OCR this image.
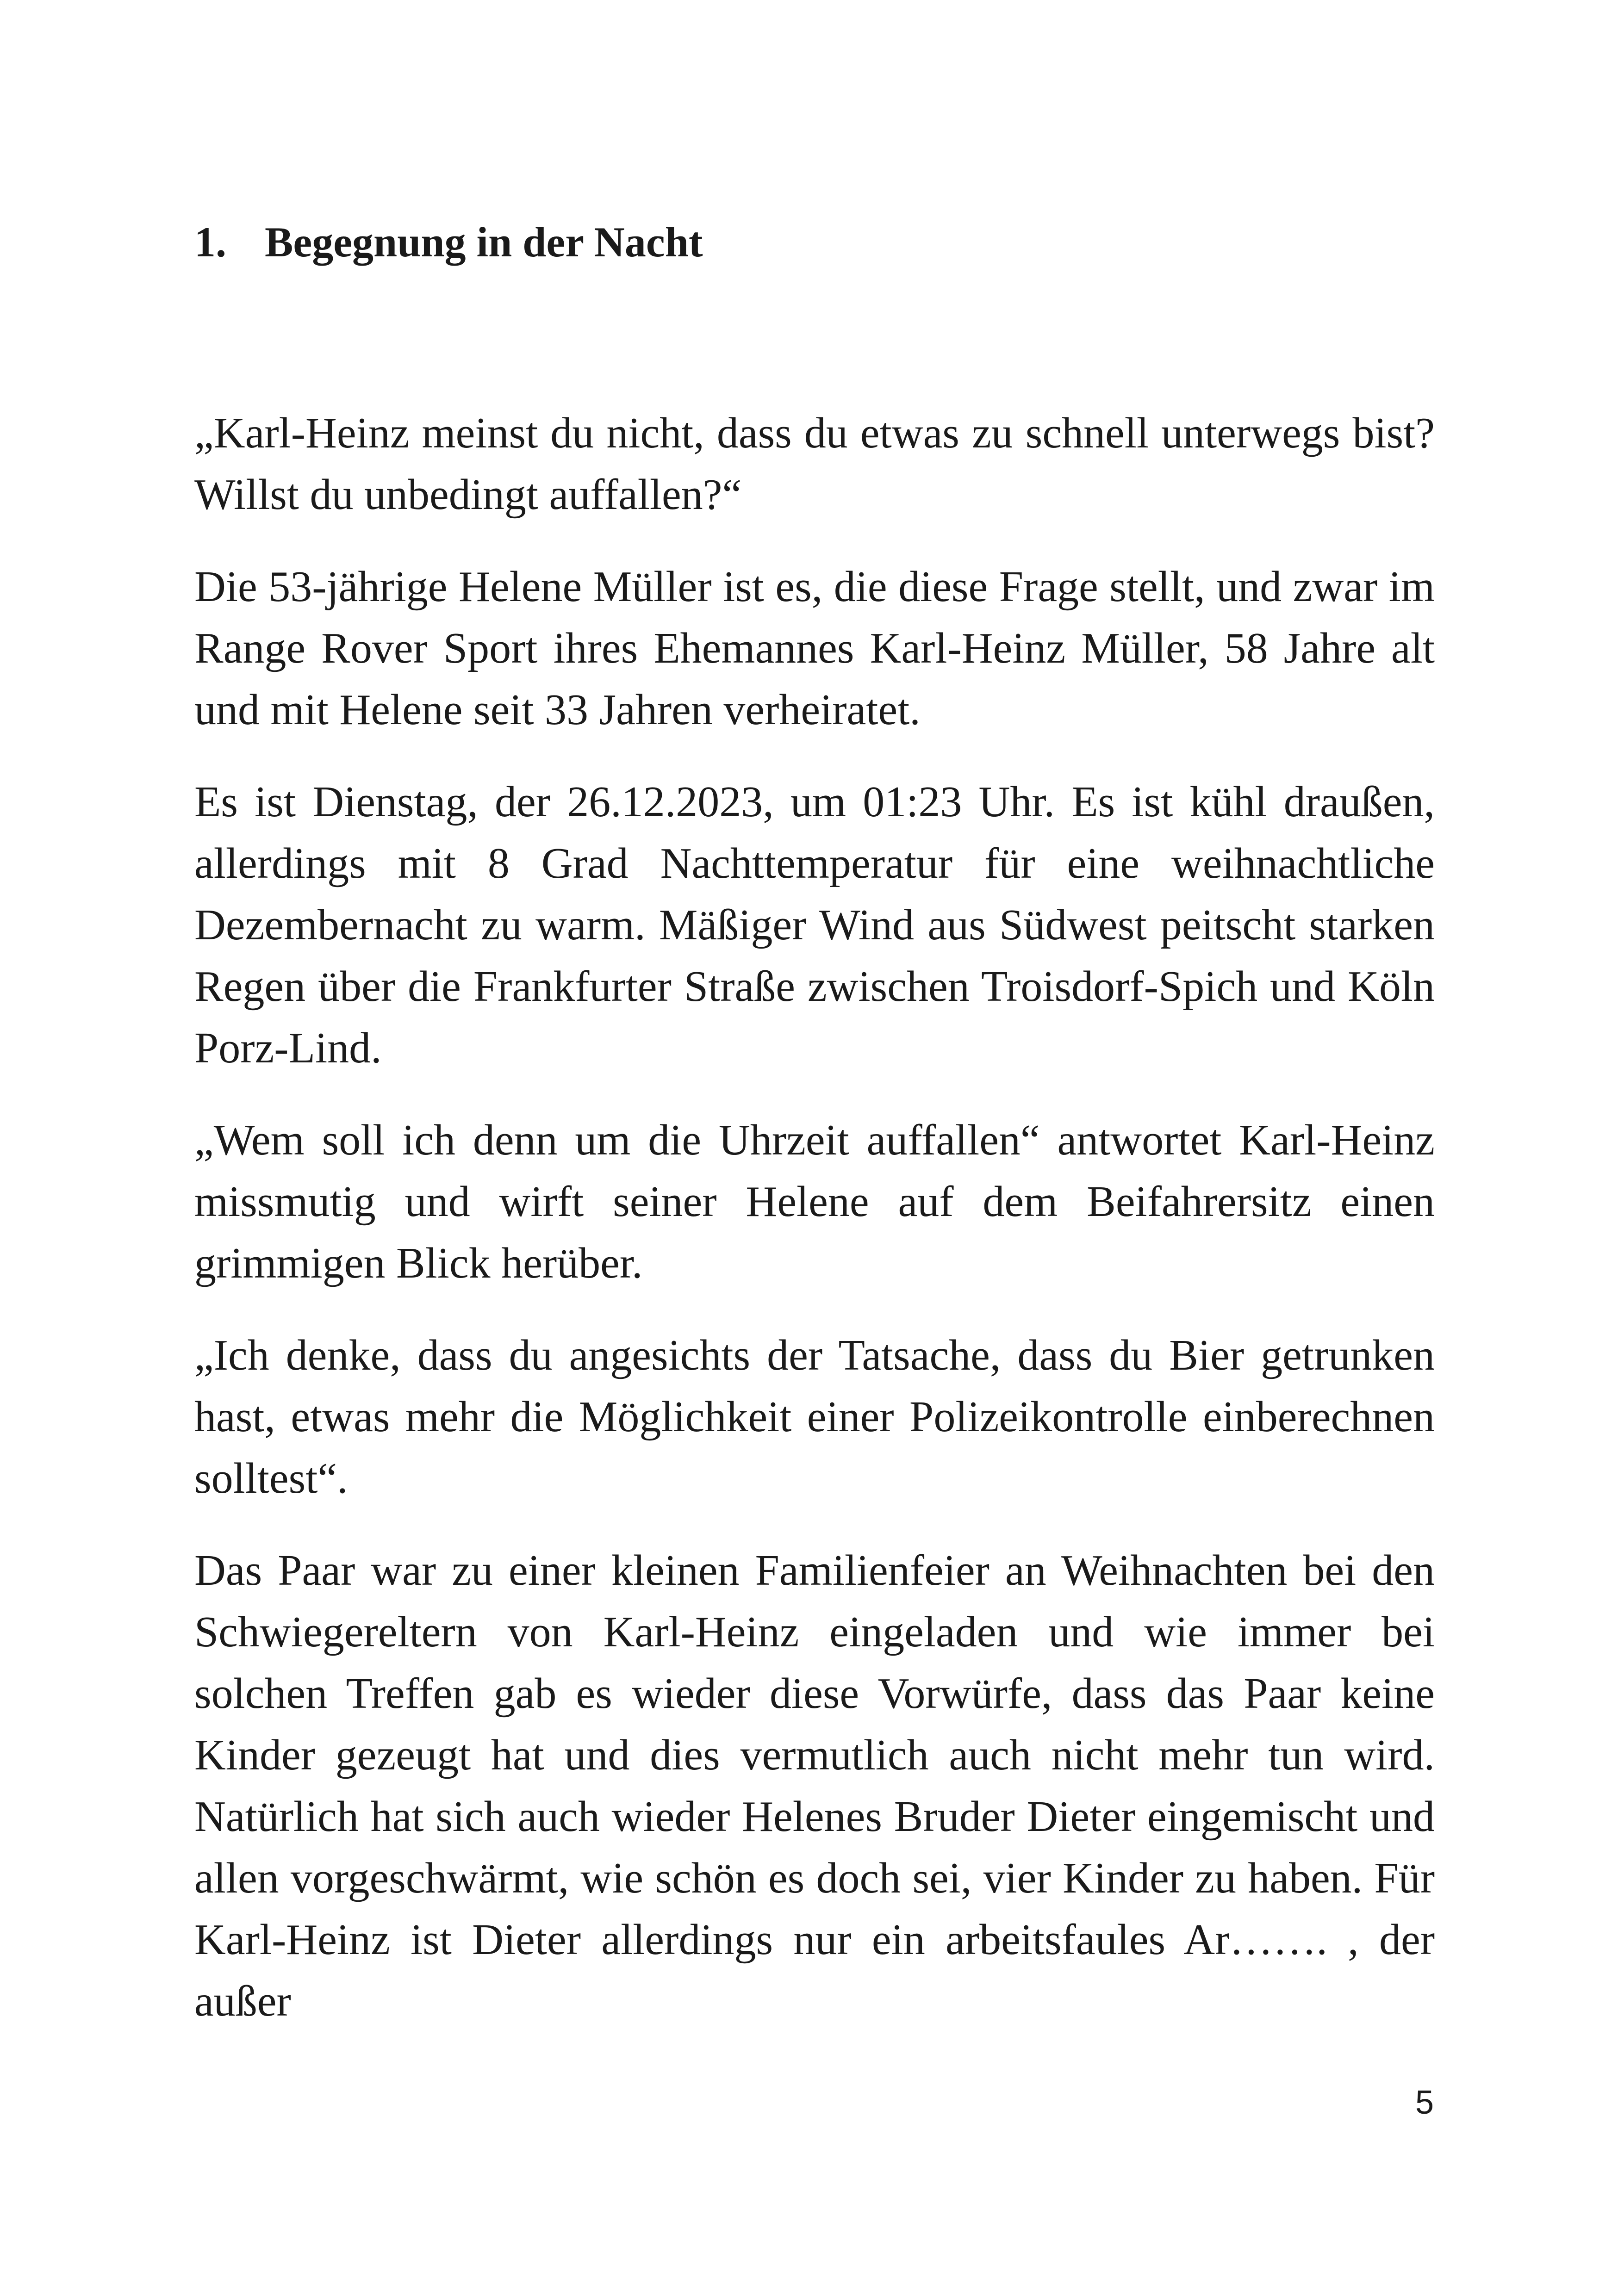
1. Begegnung in der Nacht

„Karl-Heinz meinst du nicht, dass du etwas zu schnell unterwegs bist? Willst du unbedingt auffallen?“

Die 53-jährige Helene Müller ist es, die diese Frage stellt, und zwar im Range Rover Sport ihres Ehemannes Karl-Heinz Müller, 58 Jahre alt und mit Helene seit 33 Jahren verheiratet.

Es ist Dienstag, der 26.12.2023, um 01:23 Uhr. Es ist kühl draußen, allerdings mit 8 Grad Nachttemperatur für eine weihnachtliche Dezembernacht zu warm. Mäßiger Wind aus Südwest peitscht starken Regen über die Frankfurter Straße zwischen Troisdorf-Spich und Köln Porz-Lind.

„Wem soll ich denn um die Uhrzeit auffallen“ antwortet Karl-Heinz missmutig und wirft seiner Helene auf dem Beifahrersitz einen grimmigen Blick herüber.

„Ich denke, dass du angesichts der Tatsache, dass du Bier getrunken hast, etwas mehr die Möglichkeit einer Polizeikontrolle einberechnen solltest“.

Das Paar war zu einer kleinen Familienfeier an Weihnachten bei den Schwiegereltern von Karl-Heinz eingeladen und wie immer bei solchen Treffen gab es wieder diese Vorwürfe, dass das Paar keine Kinder gezeugt hat und dies vermutlich auch nicht mehr tun wird. Natürlich hat sich auch wieder Helenes Bruder Dieter eingemischt und allen vorgeschwärmt, wie schön es doch sei, vier Kinder zu haben. Für Karl-Heinz ist Dieter allerdings nur ein arbeitsfaules Ar……. , der außer

5
